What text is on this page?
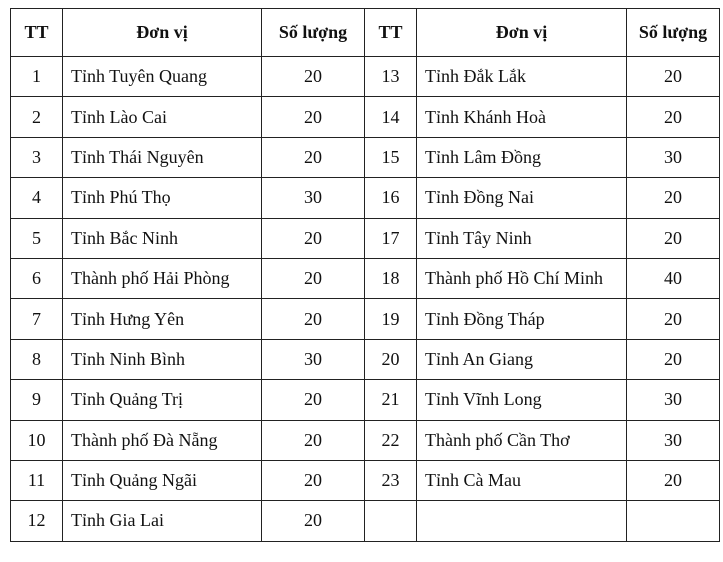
TT	Đơn vị	Số lượng	TT	Đơn vị	Số lượng
1	Tỉnh Tuyên Quang	20	13	Tỉnh Đắk Lắk	20
2	Tỉnh Lào Cai	20	14	Tỉnh Khánh Hoà	20
3	Tỉnh Thái Nguyên	20	15	Tỉnh Lâm Đồng	30
4	Tỉnh Phú Thọ	30	16	Tỉnh Đồng Nai	20
5	Tỉnh Bắc Ninh	20	17	Tỉnh Tây Ninh	20
6	Thành phố Hải Phòng	20	18	Thành phố Hồ Chí Minh	40
7	Tỉnh Hưng Yên	20	19	Tỉnh Đồng Tháp	20
8	Tỉnh Ninh Bình	30	20	Tỉnh An Giang	20
9	Tỉnh Quảng Trị	20	21	Tỉnh Vĩnh Long	30
10	Thành phố Đà Nẵng	20	22	Thành phố Cần Thơ	30
11	Tỉnh Quảng Ngãi	20	23	Tỉnh Cà Mau	20
12	Tỉnh Gia Lai	20			
